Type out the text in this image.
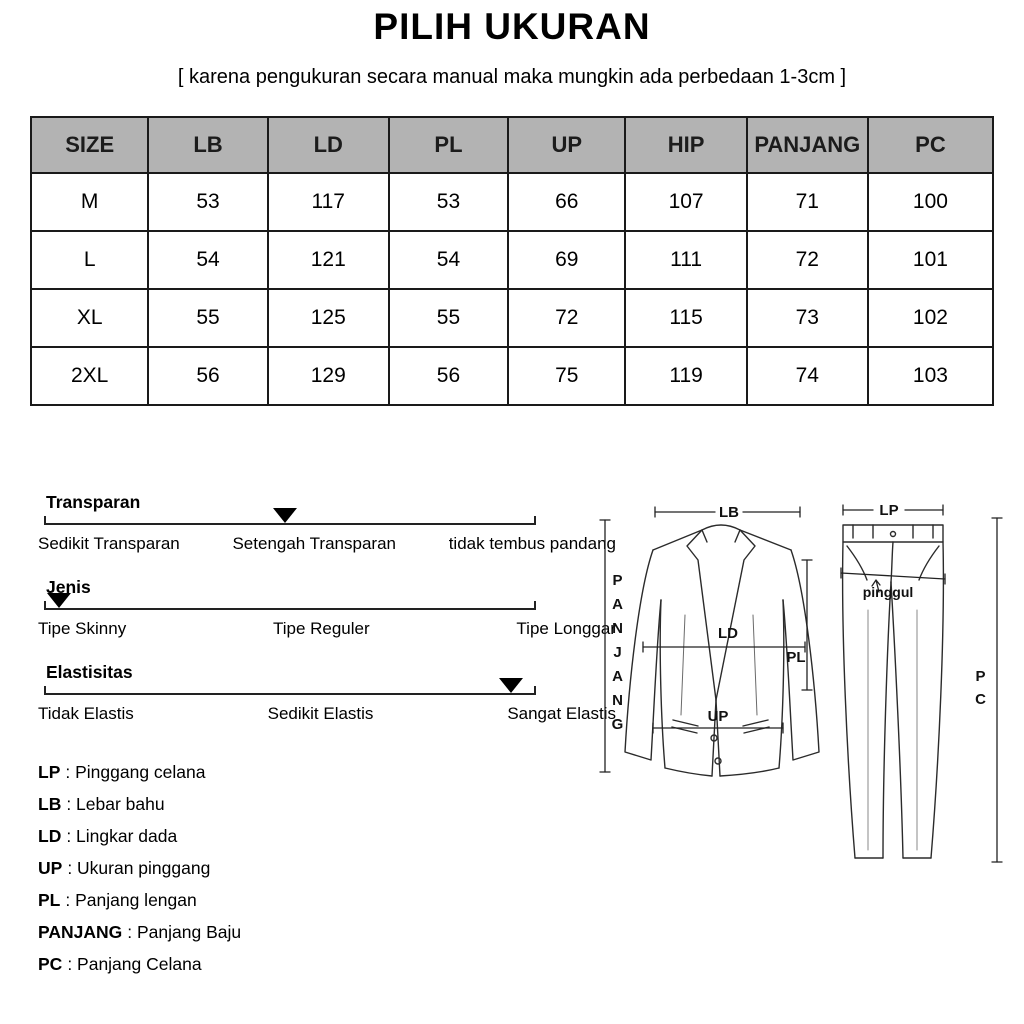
PILIH UKURAN
[ karena pengukuran secara manual maka mungkin ada perbedaan 1-3cm ]
SIZE	LB	LD	PL	UP	HIP	PANJANG	PC
M	53	117	53	66	107	71	100
L	54	121	54	69	111	72	101
XL	55	125	55	72	115	73	102
2XL	56	129	56	75	119	74	103
Transparan
Sedikit Transparan	Setengah Transparan	tidak tembus pandang
Jenis
Tipe Skinny	Tipe Reguler	Tipe Longgar
Elastisitas
Tidak Elastis	Sedikit Elastis	Sangat Elastis
LP : Pinggang celana
LB : Lebar bahu
LD : Lingkar dada
UP : Ukuran pinggang
PL : Panjang lengan
PANJANG : Panjang Baju
PC : Panjang Celana
LB	LP
LD
PL
UP
pinggul
PANJANG	PC
